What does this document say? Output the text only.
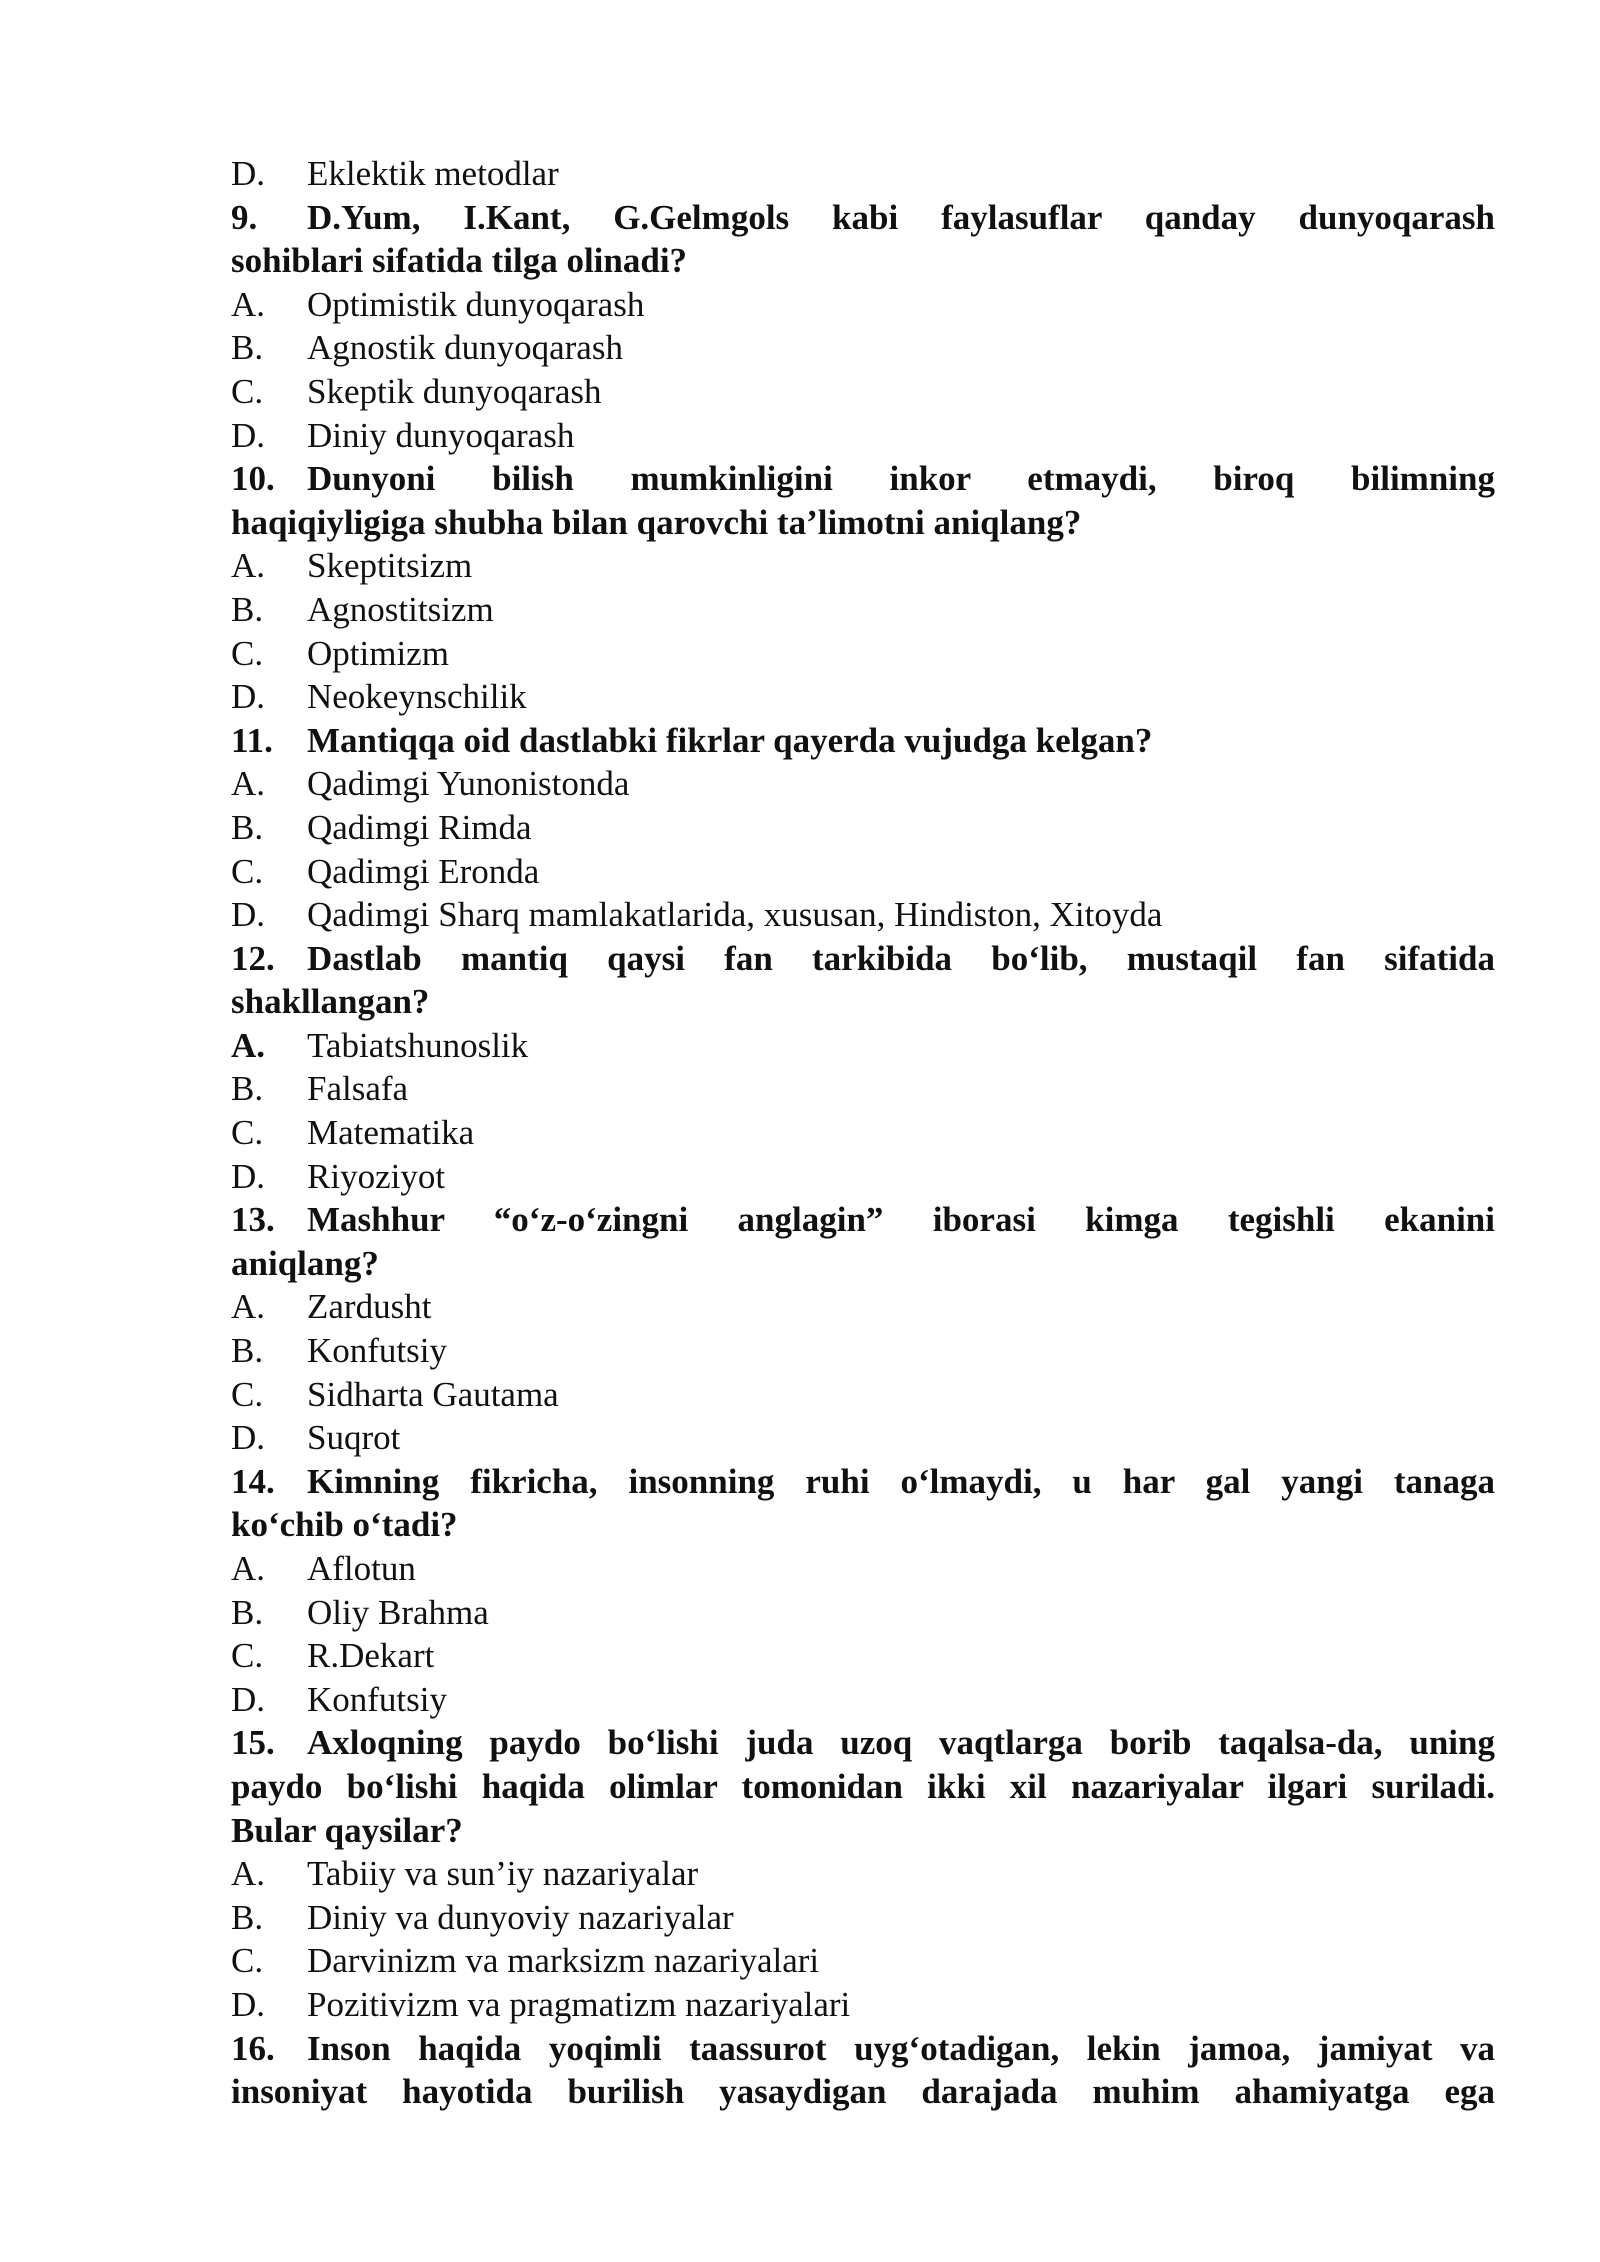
D. Eklektik metodlar
9. D.Yum, I.Kant, G.Gelmgols kabi faylasuflar qanday dunyoqarash
sohiblari sifatida tilga olinadi?
A. Optimistik dunyoqarash
B. Agnostik dunyoqarash
C. Skeptik dunyoqarash
D. Diniy dunyoqarash
10. Dunyoni bilish mumkinligini inkor etmaydi, biroq bilimning
haqiqiyligiga shubha bilan qarovchi ta’limotni aniqlang?
A. Skeptitsizm
B. Agnostitsizm
C. Optimizm
D. Neokeynschilik
11. Mantiqqa oid dastlabki fikrlar qayerda vujudga kelgan?
A. Qadimgi Yunonistonda
B. Qadimgi Rimda
C. Qadimgi Eronda
D. Qadimgi Sharq mamlakatlarida, xususan, Hindiston, Xitoyda
12. Dastlab mantiq qaysi fan tarkibida bo‘lib, mustaqil fan sifatida
shakllangan?
A. Tabiatshunoslik
B. Falsafa
C. Matematika
D. Riyoziyot
13. Mashhur “o‘z-o‘zingni anglagin” iborasi kimga tegishli ekanini
aniqlang?
A. Zardusht
B. Konfutsiy
C. Sidharta Gautama
D. Suqrot
14. Kimning fikricha, insonning ruhi o‘lmaydi, u har gal yangi tanaga
ko‘chib o‘tadi?
A. Aflotun
B. Oliy Brahma
C. R.Dekart
D. Konfutsiy
15. Axloqning paydo bo‘lishi juda uzoq vaqtlarga borib taqalsa-da, uning
paydo bo‘lishi haqida olimlar tomonidan ikki xil nazariyalar ilgari suriladi.
Bular qaysilar?
A. Tabiiy va sun’iy nazariyalar
B. Diniy va dunyoviy nazariyalar
C. Darvinizm va marksizm nazariyalari
D. Pozitivizm va pragmatizm nazariyalari
16. Inson haqida yoqimli taassurot uyg‘otadigan, lekin jamoa, jamiyat va
insoniyat hayotida burilish yasaydigan darajada muhim ahamiyatga ega
